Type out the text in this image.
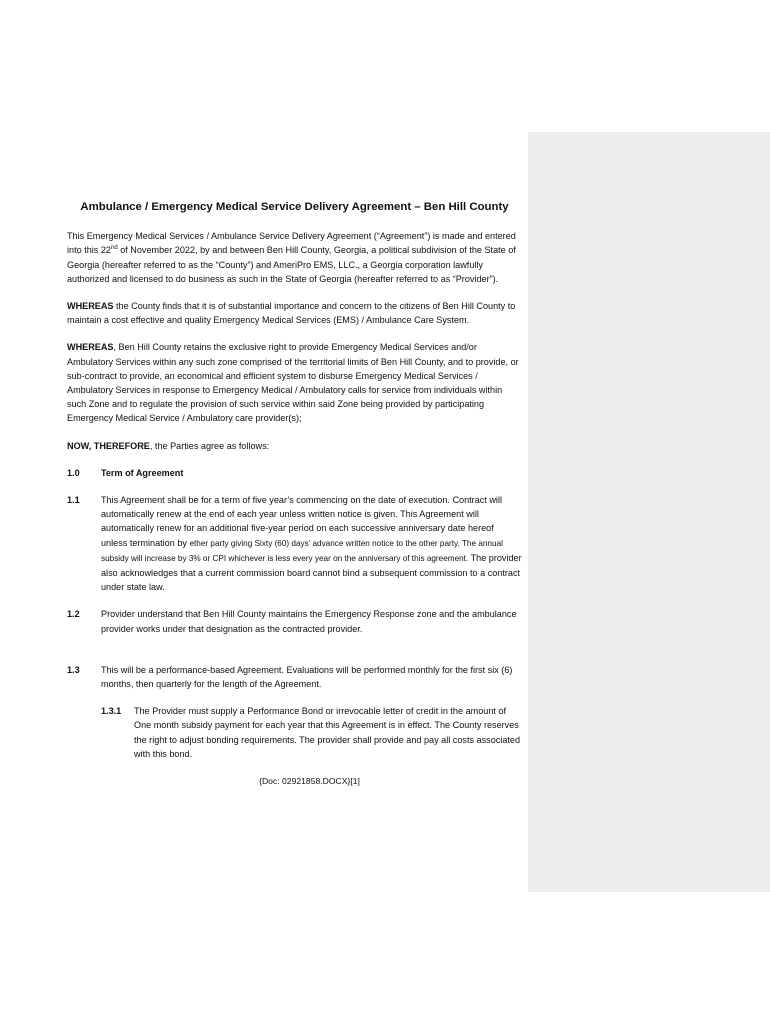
Ambulance / Emergency Medical Service Delivery Agreement – Ben Hill County

This Emergency Medical Services / Ambulance Service Delivery Agreement (“Agreement”) is made and entered into this 22nd of November 2022, by and between Ben Hill County, Georgia, a political subdivision of the State of Georgia (hereafter referred to as the “County”) and AmeriPro EMS, LLC., a Georgia corporation lawfully authorized and licensed to do business as such in the State of Georgia (hereafter referred to as “Provider”).

WHEREAS the County finds that it is of substantial importance and concern to the citizens of Ben Hill County to maintain a cost effective and quality Emergency Medical Services (EMS) / Ambulance Care System.

WHEREAS, Ben Hill County retains the exclusive right to provide Emergency Medical Services and/or Ambulatory Services within any such zone comprised of the territorial limits of Ben Hill County, and to provide, or sub-contract to provide, an economical and efficient system to disburse Emergency Medical Services / Ambulatory Services in response to Emergency Medical / Ambulatory calls for service from individuals within such Zone and to regulate the provision of such service within said Zone being provided by participating Emergency Medical Service / Ambulatory care provider(s);

NOW, THEREFORE, the Parties agree as follows:

1.0	Term of Agreement
1.1	This Agreement shall be for a term of five year’s commencing on the date of execution. Contract will automatically renew at the end of each year unless written notice is given. This Agreement will automatically renew for an additional five-year period on each successive anniversary date hereof unless termination by ether party giving Sixty (60) days’ advance written notice to the other party. The annual subsidy will increase by 3% or CPI whichever is less every year on the anniversary of this agreement. The provider also acknowledges that a current commission board cannot bind a subsequent commission to a contract under state law.
1.2	Provider understand that Ben Hill County maintains the Emergency Response zone and the ambulance provider works under that designation as the contracted provider.
1.3	This will be a performance-based Agreement. Evaluations will be performed monthly for the first six (6) months, then quarterly for the length of the Agreement.
1.3.1	The Provider must supply a Performance Bond or irrevocable letter of credit in the amount of One month subsidy payment for each year that this Agreement is in effect. The County reserves the right to adjust bonding requirements. The provider shall provide and pay all costs associated with this bond.
{Doc: 02921858.DOCX}[1]
